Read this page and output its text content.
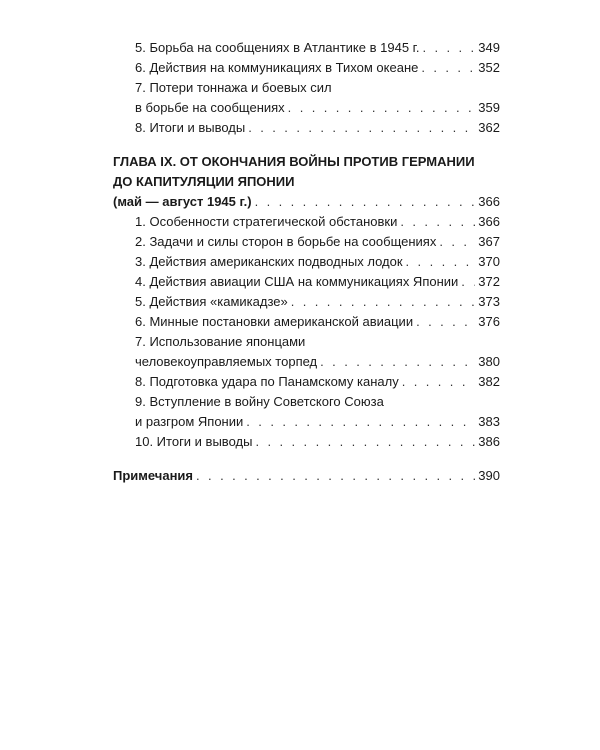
5. Борьба на сообщениях в Атлантике в 1945 г. . . .	349
6. Действия на коммуникациях в Тихом океане . . .	352
7. Потери тоннажа и боевых сил
в борьбе на сообщениях . . .	359
8. Итоги и выводы . . .	362
ГЛАВА IX. ОТ ОКОНЧАНИЯ ВОЙНЫ ПРОТИВ ГЕРМАНИИ
ДО КАПИТУЛЯЦИИ ЯПОНИИ
(май — август 1945 г.) . . .	366
1. Особенности стратегической обстановки . . .	366
2. Задачи и силы сторон в борьбе на сообщениях . . .	367
3. Действия американских подводных лодок . . .	370
4. Действия авиации США на коммуникациях Японии . . . 372
5. Действия «камикадзе» . . .	373
6. Минные постановки американской авиации . . .	376
7. Использование японцами
человекоуправляемых торпед . . .	380
8. Подготовка удара по Панамскому каналу . . .	382
9. Вступление в войну Советского Союза
и разгром Японии . . .	383
10. Итоги и выводы . . .	386
Примечания . . .	390
